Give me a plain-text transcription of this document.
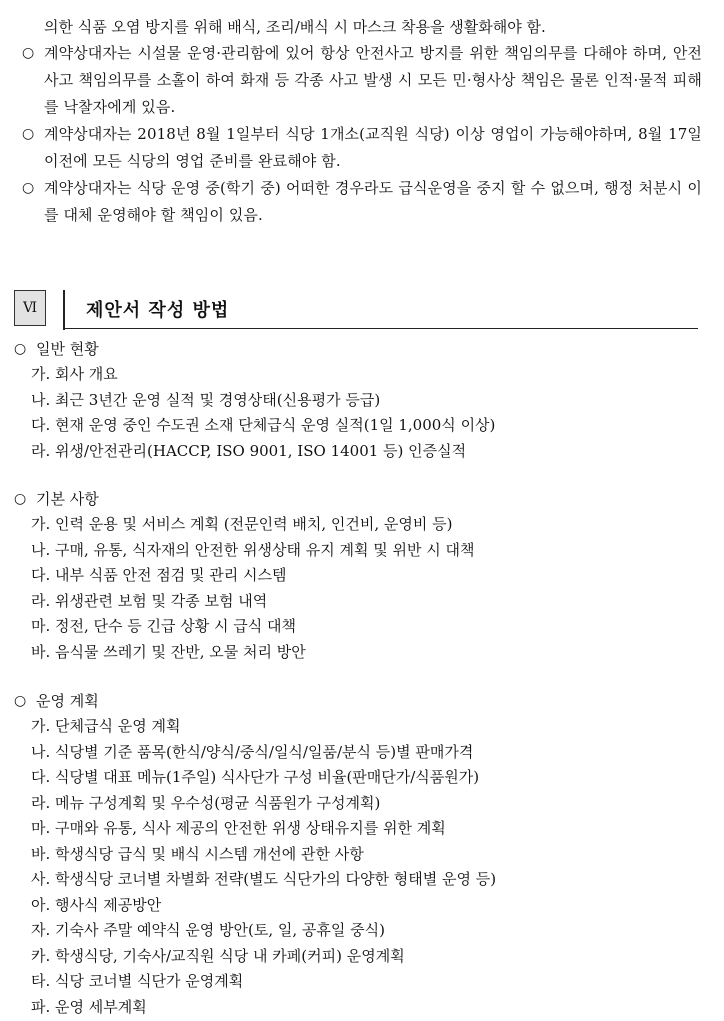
의한 식품 오염 방지를 위해 배식, 조리/배식 시 마스크 착용을 생활화해야 함.
○ 계약상대자는 시설물 운영·관리함에 있어 항상 안전사고 방지를 위한 책임의무를 다해야 하며, 안전사고 책임의무를 소홀이 하여 화재 등 각종 사고 발생 시 모든 민·형사상 책임은 물론 인적·물적 피해를 낙찰자에게 있음.
○ 계약상대자는 2018년 8월 1일부터 식당 1개소(교직원 식당) 이상 영업이 가능해야하며, 8월 17일 이전에 모든 식당의 영업 준비를 완료해야 함.
○ 계약상대자는 식당 운영 중(학기 중) 어떠한 경우라도 급식운영을 중지 할 수 없으며, 행정 처분시 이를 대체 운영해야 할 책임이 있음.
Ⅵ	제안서 작성 방법
○ 일반 현황
가. 회사 개요
나. 최근 3년간 운영 실적 및 경영상태(신용평가 등급)
다. 현재 운영 중인 수도권 소재 단체급식 운영 실적(1일 1,000식 이상)
라. 위생/안전관리(HACCP, ISO 9001, ISO 14001 등) 인증실적
○ 기본 사항
가. 인력 운용 및 서비스 계획 (전문인력 배치, 인건비, 운영비 등)
나. 구매, 유통, 식자재의 안전한 위생상태 유지 계획 및 위반 시 대책
다. 내부 식품 안전 점검 및 관리 시스템
라. 위생관련 보험 및 각종 보험 내역
마. 정전, 단수 등 긴급 상황 시 급식 대책
바. 음식물 쓰레기 및 잔반, 오물 처리 방안
○ 운영 계획
가. 단체급식 운영 계획
나. 식당별 기준 품목(한식/양식/중식/일식/일품/분식 등)별 판매가격
다. 식당별 대표 메뉴(1주일) 식사단가 구성 비율(판매단가/식품원가)
라. 메뉴 구성계획 및 우수성(평균 식품원가 구성계획)
마. 구매와 유통, 식사 제공의 안전한 위생 상태유지를 위한 계획
바. 학생식당 급식 및 배식 시스템 개선에 관한 사항
사. 학생식당 코너별 차별화 전략(별도 식단가의 다양한 형태별 운영 등)
아. 행사식 제공방안
자. 기숙사 주말 예약식 운영 방안(토, 일, 공휴일 중식)
카. 학생식당, 기숙사/교직원 식당 내 카페(커피) 운영계획
타. 식당 코너별 식단가 운영계획
파. 운영 세부계획
